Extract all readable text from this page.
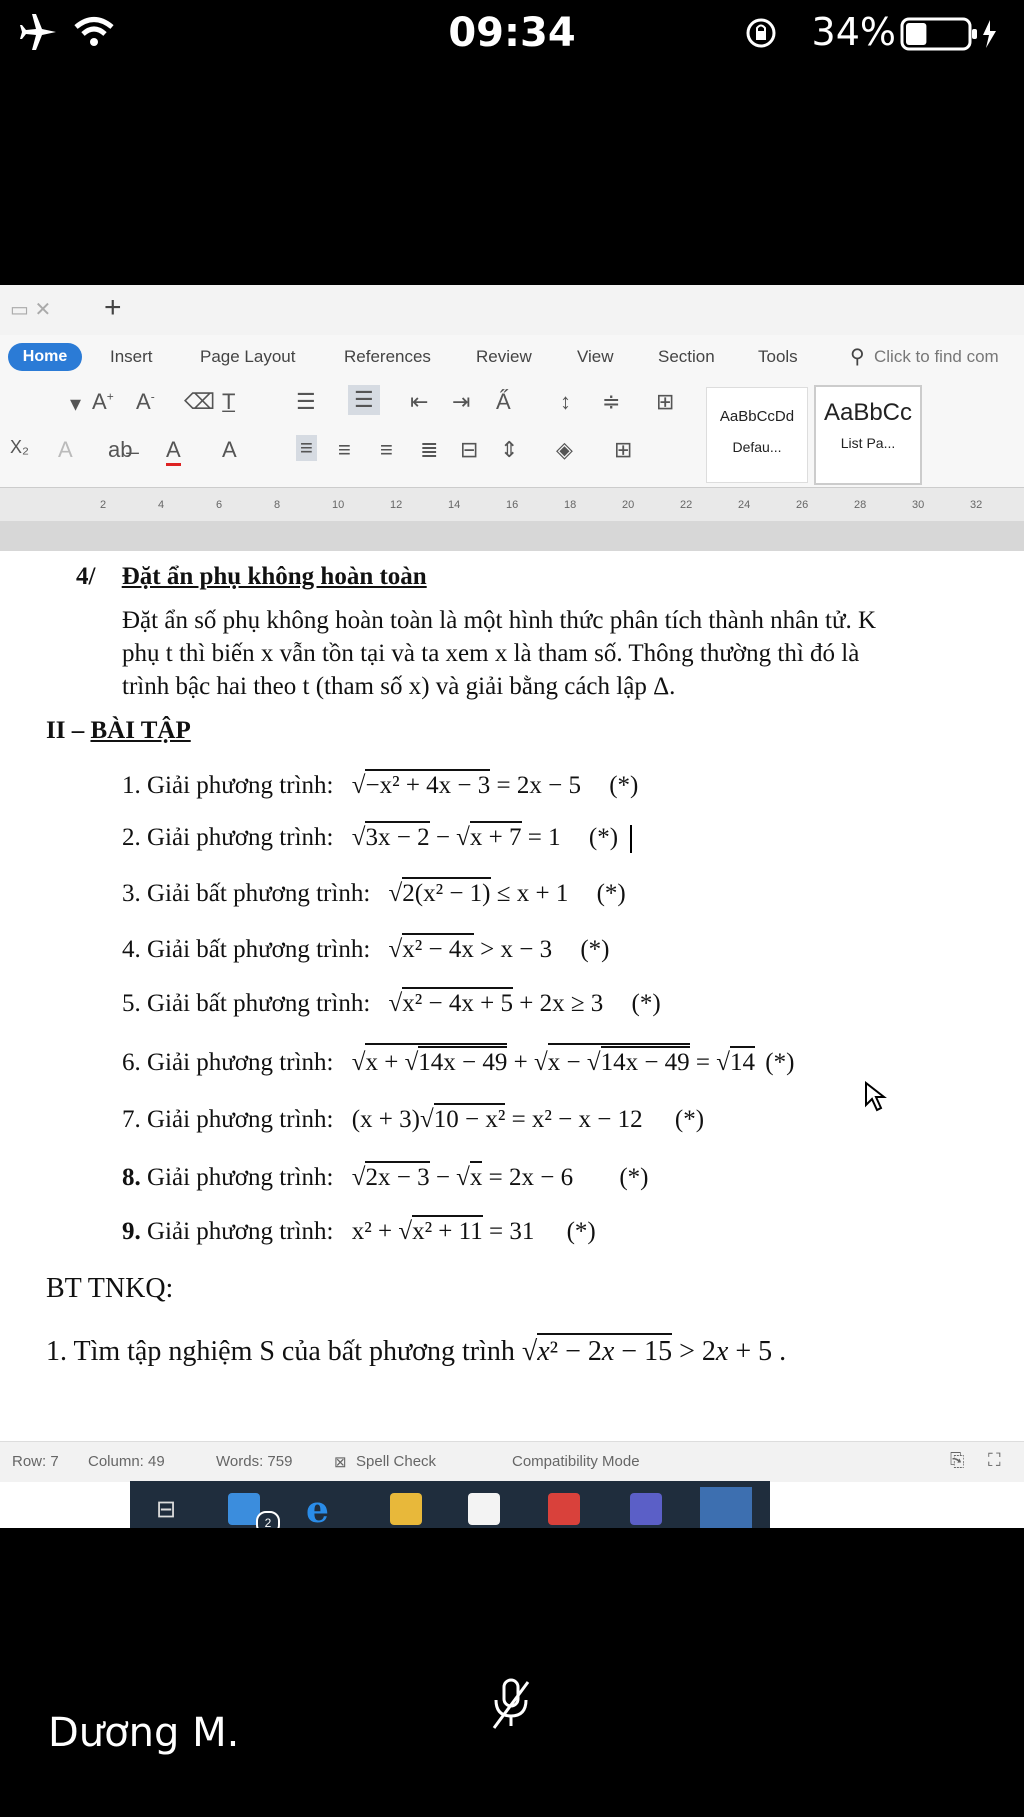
09:34	34%
▭ ✕ +
Home	Insert	Page Layout	References	Review	View	Section	Tools	⚲ Click to find com
▾ A+ A- ⌫ T̲	☰ ☰ ⇤ ⇥ A̋ ↕ ≑ ⊞
X₂ A ab̶ A A	≡ ≡ ≡ ≣ ⊟ ⇕ ◈ ⊞
AaBbCcDd
Defau...
AaBbCc
List Pa...
2	4	6	8	10	12	14	16	18	20	22	24	26	28	30	32
4/ Đặt ẩn phụ không hoàn toàn
Đặt ẩn số phụ không hoàn toàn là một hình thức phân tích thành nhân tử. K
phụ t thì biến x vẫn tồn tại và ta xem x là tham số. Thông thường thì đó là
trình bậc hai theo t (tham số x) và giải bằng cách lập Δ.
II – BÀI TẬP
1. Giải phương trình: √−x² + 4x − 3 = 2x − 5 (*)
2. Giải phương trình: √3x − 2 − √x + 7 = 1 (*)
3. Giải bất phương trình: √2(x² − 1) ≤ x + 1 (*)
4. Giải bất phương trình: √x² − 4x > x − 3 (*)
5. Giải bất phương trình: √x² − 4x + 5 + 2x ≥ 3 (*)
6. Giải phương trình: √x + √14x − 49 + √x − √14x − 49 = √14 (*)
7. Giải phương trình: (x + 3)√10 − x² = x² − x − 12 (*)
8. Giải phương trình: √2x − 3 − √x = 2x − 6 (*)
9. Giải phương trình: x² + √x² + 11 = 31 (*)
BT TNKQ:
1. Tìm tập nghiệm S của bất phương trình √x² − 2x − 15 > 2x + 5 .
Row: 7 Column: 49	Words: 759	⊠ Spell Check	Compatibility Mode	⎘ ⛶
⊟	2 e
Dương M.
